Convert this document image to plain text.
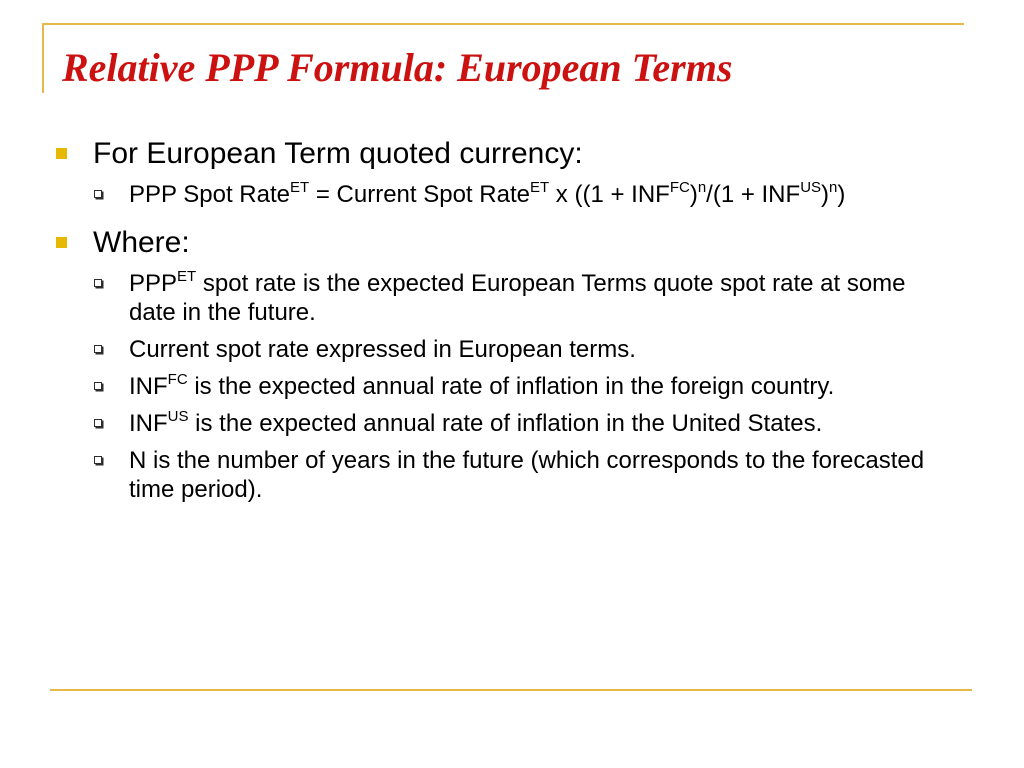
Relative PPP Formula: European Terms
For European Term quoted currency:
PPP Spot Rate$^{ET}$ = Current Spot Rate$^{ET}$ x $((1 + INF^{FC})^n/(1 + INF^{US})^n)$
Where:
$PPP^{ET}$ spot rate is the expected European Terms quote spot rate at some date in the future.
Current spot rate expressed in European terms.
$INF^{FC}$ is the expected annual rate of inflation in the foreign country.
$INF^{US}$ is the expected annual rate of inflation in the United States.
N is the number of years in the future (which corresponds to the forecasted time period).
